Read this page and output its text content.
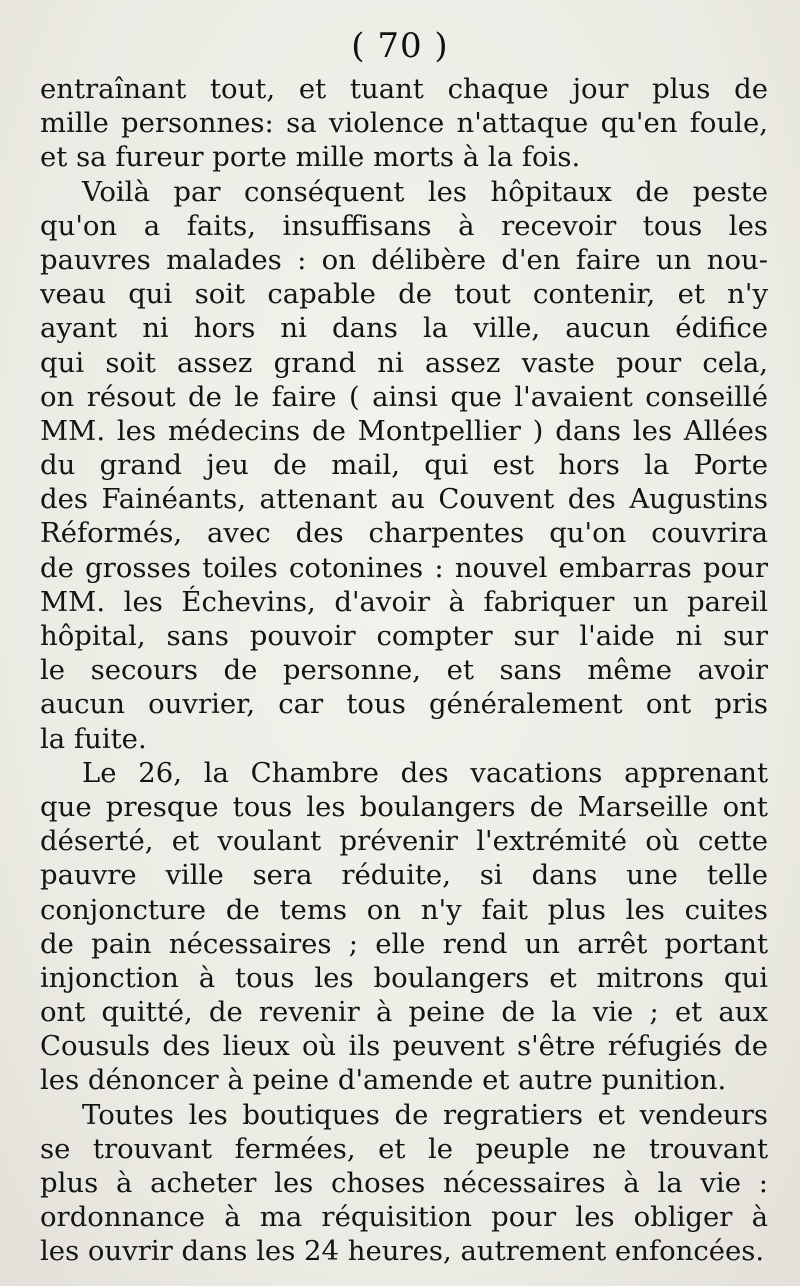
( 70 )
entraînant tout, et tuant chaque jour plus de
mille personnes: sa violence n'attaque qu'en foule,
et sa fureur porte mille morts à la fois.
Voilà par conséquent les hôpitaux de peste
qu'on a faits, insuffisans à recevoir tous les
pauvres malades : on délibère d'en faire un nou-
veau qui soit capable de tout contenir, et n'y
ayant ni hors ni dans la ville, aucun édifice
qui soit assez grand ni assez vaste pour cela,
on résout de le faire ( ainsi que l'avaient conseillé
MM. les médecins de Montpellier ) dans les Allées
du grand jeu de mail, qui est hors la Porte
des Fainéants, attenant au Couvent des Augustins
Réformés, avec des charpentes qu'on couvrira
de grosses toiles cotonines : nouvel embarras pour
MM. les Échevins, d'avoir à fabriquer un pareil
hôpital, sans pouvoir compter sur l'aide ni sur
le secours de personne, et sans même avoir
aucun ouvrier, car tous généralement ont pris
la fuite.
Le 26, la Chambre des vacations apprenant
que presque tous les boulangers de Marseille ont
déserté, et voulant prévenir l'extrémité où cette
pauvre ville sera réduite, si dans une telle
conjoncture de tems on n'y fait plus les cuites
de pain nécessaires ; elle rend un arrêt portant
injonction à tous les boulangers et mitrons qui
ont quitté, de revenir à peine de la vie ; et aux
Cousuls des lieux où ils peuvent s'être réfugiés de
les dénoncer à peine d'amende et autre punition.
Toutes les boutiques de regratiers et vendeurs
se trouvant fermées, et le peuple ne trouvant
plus à acheter les choses nécessaires à la vie :
ordonnance à ma réquisition pour les obliger à
les ouvrir dans les 24 heures, autrement enfoncées.
